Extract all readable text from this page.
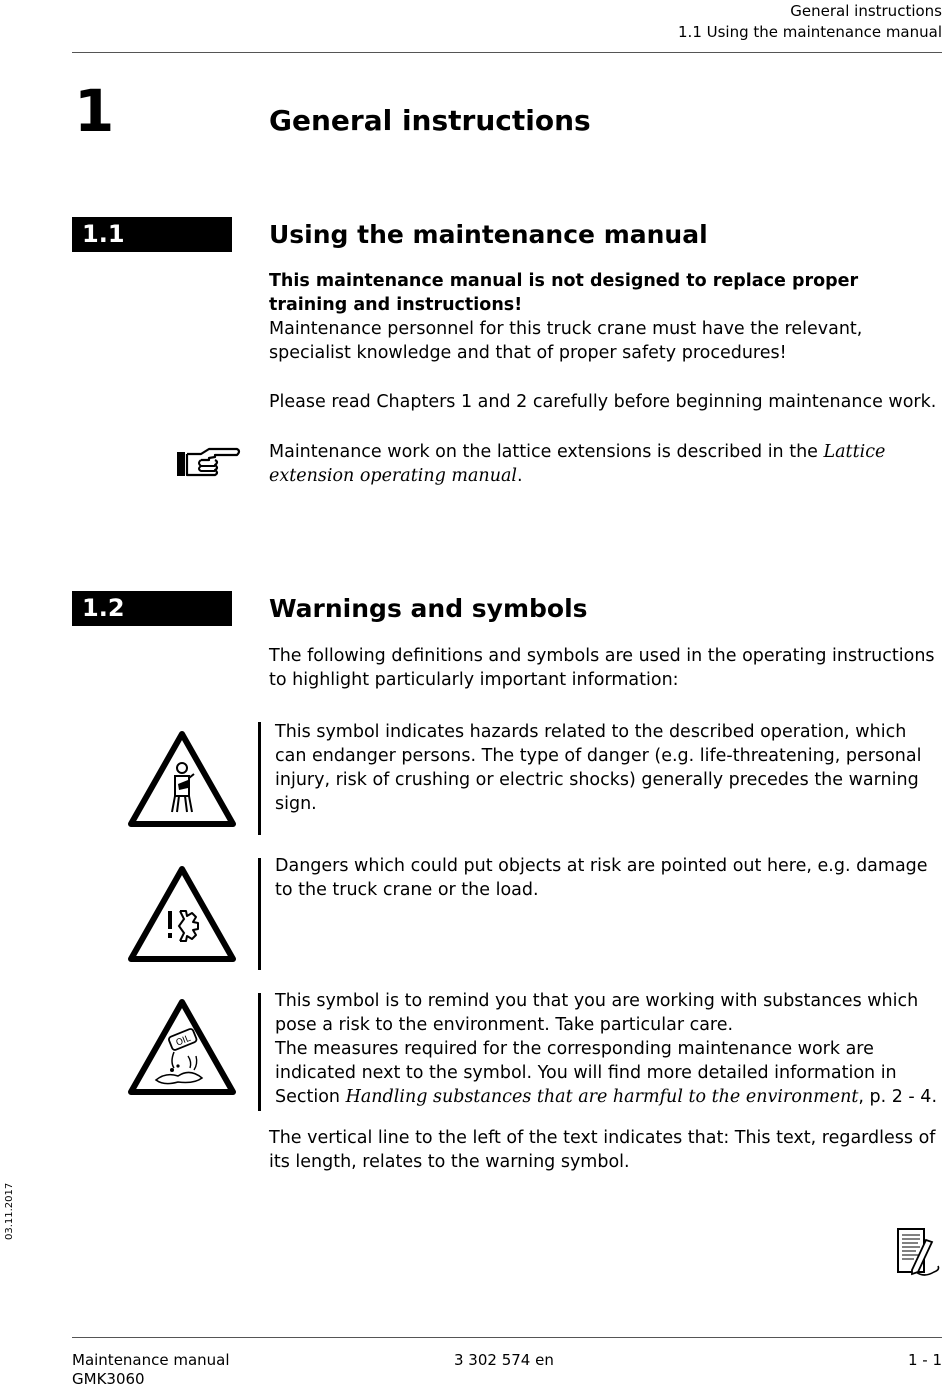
General instructions
1.1 Using the maintenance manual
1	General instructions
1.1	Using the maintenance manual
This maintenance manual is not designed to replace proper training and instructions!
Maintenance personnel for this truck crane must have the relevant, specialist knowledge and that of proper safety procedures!
Please read Chapters 1 and 2 carefully before beginning maintenance work.
Maintenance work on the lattice extensions is described in the Lattice extension operating manual.
1.2	Warnings and symbols
The following definitions and symbols are used in the operating instructions to highlight particularly important information:
This symbol indicates hazards related to the described operation, which can endanger persons. The type of danger (e.g. life-threatening, personal injury, risk of crushing or electric shocks) generally precedes the warning sign.
Dangers which could put objects at risk are pointed out here, e.g. damage to the truck crane or the load.
OIL
This symbol is to remind you that you are working with substances which pose a risk to the environment. Take particular care.
The measures required for the corresponding maintenance work are indicated next to the symbol. You will find more detailed information in Section Handling substances that are harmful to the environment, p. 2 - 4.
The vertical line to the left of the text indicates that: This text, regardless of its length, relates to the warning symbol.
03.11.2017
Maintenance manual
GMK3060
3 302 574 en	1 - 1
